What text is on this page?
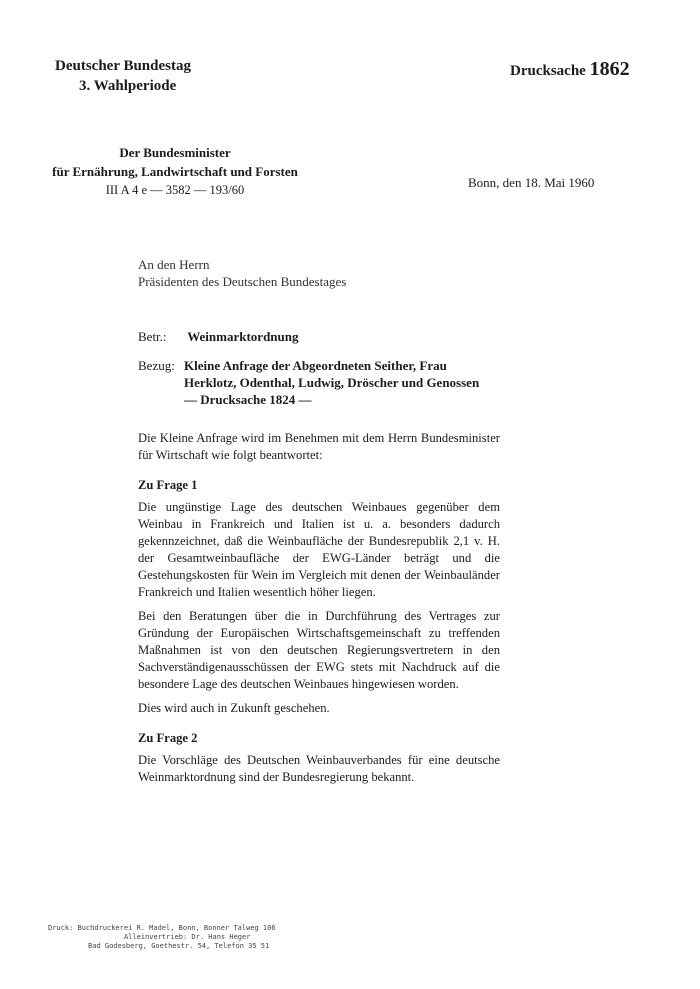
Deutscher Bundestag
3. Wahlperiode
Drucksache 1862
Der Bundesminister
für Ernährung, Landwirtschaft und Forsten
III A 4 e — 3582 — 193/60	Bonn, den 18. Mai 1960
An den Herrn
Präsidenten des Deutschen Bundestages
Betr.: Weinmarktordnung
Bezug: Kleine Anfrage der Abgeordneten Seither, Frau Herklotz, Odenthal, Ludwig, Dröscher und Genossen
— Drucksache 1824 —

Die Kleine Anfrage wird im Benehmen mit dem Herrn Bundesminister für Wirtschaft wie folgt beantwortet:

Zu Frage 1

Die ungünstige Lage des deutschen Weinbaues gegenüber dem Weinbau in Frankreich und Italien ist u. a. besonders dadurch gekennzeichnet, daß die Weinbaufläche der Bundesrepublik 2,1 v. H. der Gesamtweinbaufläche der EWG-Länder beträgt und die Gestehungskosten für Wein im Vergleich mit denen der Weinbauländer Frankreich und Italien wesentlich höher liegen.

Bei den Beratungen über die in Durchführung des Vertrages zur Gründung der Europäischen Wirtschaftsgemeinschaft zu treffenden Maßnahmen ist von den deutschen Regierungsvertretern in den Sachverständigenausschüssen der EWG stets mit Nachdruck auf die besondere Lage des deutschen Weinbaues hingewiesen worden.

Dies wird auch in Zukunft geschehen.

Zu Frage 2

Die Vorschläge des Deutschen Weinbauverbandes für eine deutsche Weinmarktordnung sind der Bundesregierung bekannt.

Druck: Buchdruckerei R. Madel, Bonn, Bonner Talweg 106
Alleinvertrieb: Dr. Hans Heger
Bad Godesberg, Goethestr. 54, Telefon 35 51
